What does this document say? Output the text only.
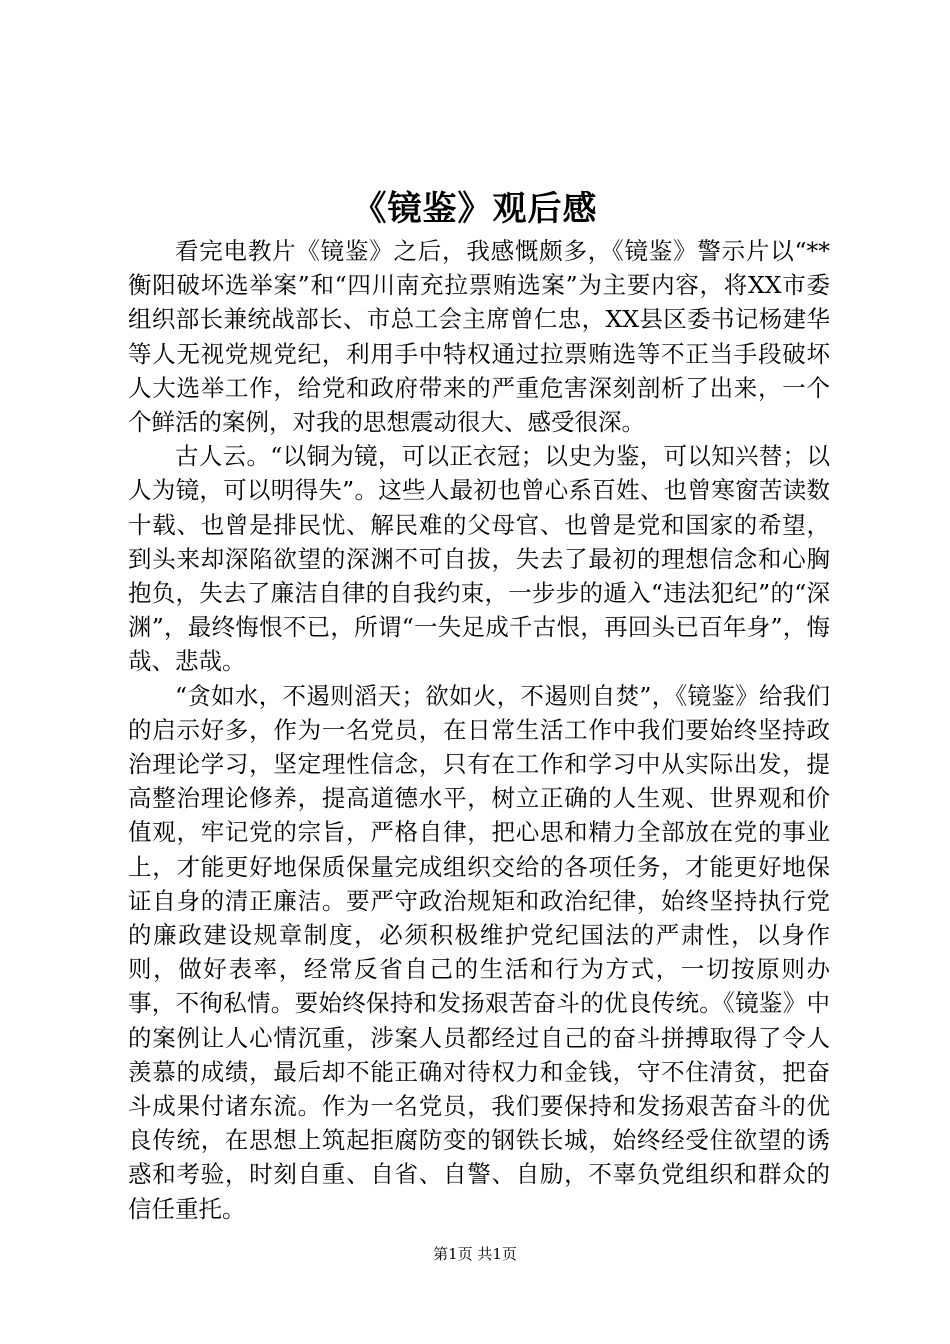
《镜鉴》观后感

看完电教片《镜鉴》之后，我感慨颇多，《镜鉴》警示片以“**衡阳破坏选举案”和“四川南充拉票贿选案”为主要内容，将XX市委组织部长兼统战部长、市总工会主席曾仁忠，XX县区委书记杨建华等人无视党规党纪，利用手中特权通过拉票贿选等不正当手段破坏人大选举工作，给党和政府带来的严重危害深刻剖析了出来，一个个鲜活的案例，对我的思想震动很大、感受很深。

古人云。“以铜为镜，可以正衣冠；以史为鉴，可以知兴替；以人为镜，可以明得失”。这些人最初也曾心系百姓、也曾寒窗苦读数十载、也曾是排民忧、解民难的父母官、也曾是党和国家的希望，到头来却深陷欲望的深渊不可自拔，失去了最初的理想信念和心胸抱负，失去了廉洁自律的自我约束，一步步的遁入“违法犯纪”的“深渊”，最终悔恨不已，所谓“一失足成千古恨，再回头已百年身”，悔哉、悲哉。

“贪如水，不遏则滔天；欲如火，不遏则自焚”，《镜鉴》给我们的启示好多，作为一名党员，在日常生活工作中我们要始终坚持政治理论学习，坚定理性信念，只有在工作和学习中从实际出发，提高整治理论修养，提高道德水平，树立正确的人生观、世界观和价值观，牢记党的宗旨，严格自律，把心思和精力全部放在党的事业上，才能更好地保质保量完成组织交给的各项任务，才能更好地保证自身的清正廉洁。要严守政治规矩和政治纪律，始终坚持执行党的廉政建设规章制度，必须积极维护党纪国法的严肃性，以身作则，做好表率，经常反省自己的生活和行为方式，一切按原则办事，不徇私情。要始终保持和发扬艰苦奋斗的优良传统。《镜鉴》中的案例让人心情沉重，涉案人员都经过自己的奋斗拼搏取得了令人羡慕的成绩，最后却不能正确对待权力和金钱，守不住清贫，把奋斗成果付诸东流。作为一名党员，我们要保持和发扬艰苦奋斗的优良传统，在思想上筑起拒腐防变的钢铁长城，始终经受住欲望的诱惑和考验，时刻自重、自省、自警、自励，不辜负党组织和群众的信任重托。

第1页 共1页
